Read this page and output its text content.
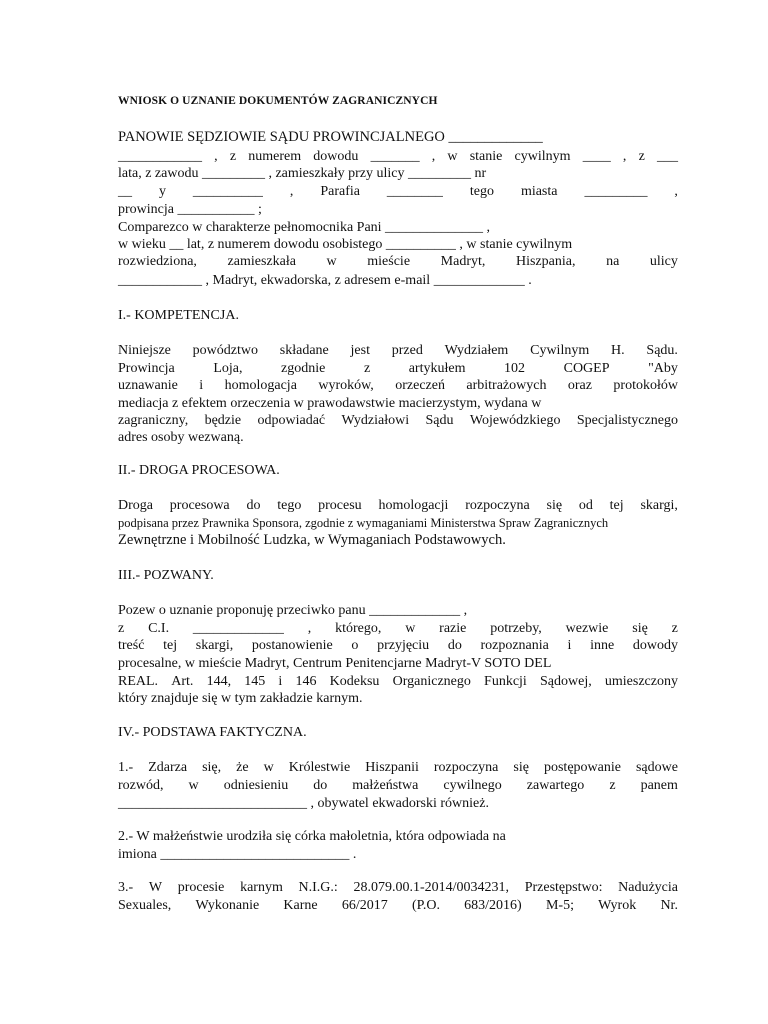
WNIOSK O UZNANIE DOKUMENTÓW ZAGRANICZNYCH
PANOWIE SĘDZIOWIE SĄDU PROWINCJALNEGO _____________
____________ , z numerem dowodu _______ , w stanie cywilnym ____ , z ___
lata, z zawodu _________ , zamieszkały przy ulicy _________ nr
__ y __________ , Parafia ________ tego miasta _________ ,
prowincja ___________ ;
Comparezco w charakterze pełnomocnika Pani ______________ ,
w wieku __ lat, z numerem dowodu osobistego __________ , w stanie cywilnym
rozwiedziona, zamieszkała w mieście Madryt, Hiszpania, na ulicy
____________ , Madryt, ekwadorska, z adresem e-mail _____________ .
I.- KOMPETENCJA.
Niniejsze powództwo składane jest przed Wydziałem Cywilnym H. Sądu.
Prowincja	Loja,	zgodnie	z	artykułem	102	COGEP	"Aby
uznawanie i homologacja wyroków, orzeczeń arbitrażowych oraz protokołów
mediacja z efektem orzeczenia w prawodawstwie macierzystym, wydana w
zagraniczny, będzie odpowiadać Wydziałowi Sądu Wojewódzkiego Specjalistycznego
adres osoby wezwaną.
II.- DROGA PROCESOWA.
Droga procesowa do tego procesu homologacji rozpoczyna się od tej skargi,
podpisana przez Prawnika Sponsora, zgodnie z wymaganiami Ministerstwa Spraw Zagranicznych
Zewnętrzne i Mobilność Ludzka, w Wymaganiach Podstawowych.
III.- POZWANY.
Pozew o uznanie proponuję przeciwko panu _____________ ,
z C.I. _____________ , którego, w razie potrzeby, wezwie się z
treść tej skargi, postanowienie o przyjęciu do rozpoznania i inne dowody
procesalne, w mieście Madryt, Centrum Penitencjarne Madryt-V SOTO DEL
REAL. Art. 144, 145 i 146 Kodeksu Organicznego Funkcji Sądowej, umieszczony
który znajduje się w tym zakładzie karnym.
IV.- PODSTAWA FAKTYCZNA.
1.- Zdarza się, że w Królestwie Hiszpanii rozpoczyna się postępowanie sądowe
rozwód, w odniesieniu do małżeństwa cywilnego zawartego z panem
___________________________ , obywatel ekwadorski również.
2.- W małżeństwie urodziła się córka małoletnia, która odpowiada na
imiona ___________________________ .
3.- W procesie karnym N.I.G.: 28.079.00.1-2014/0034231, Przestępstwo: Nadużycia
Sexuales, Wykonanie Karne 66/2017 (P.O. 683/2016) M-5; Wyrok Nr.
